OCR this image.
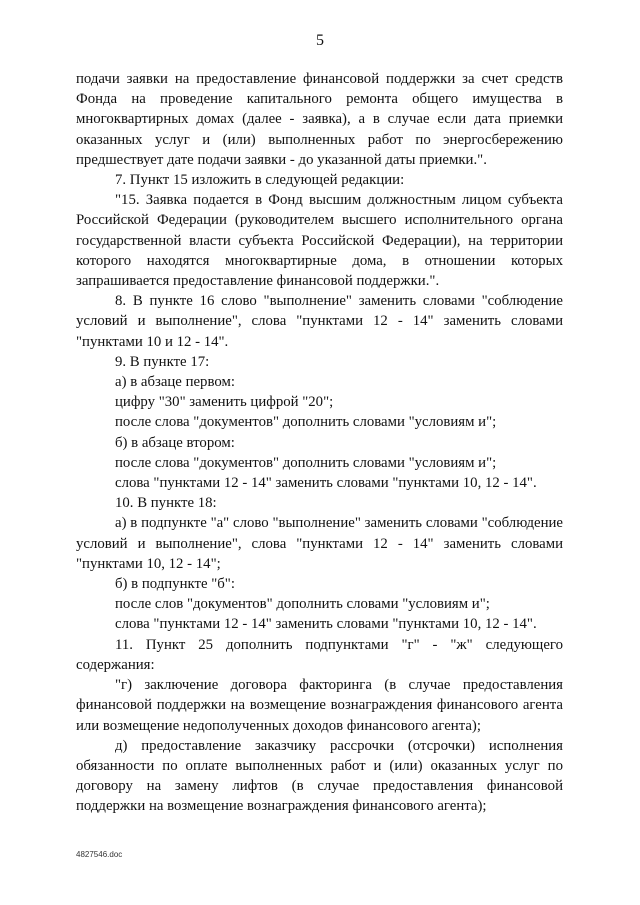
5

подачи заявки на предоставление финансовой поддержки за счет средств Фонда на проведение капитального ремонта общего имущества в многоквартирных домах (далее - заявка), а в случае если дата приемки оказанных услуг и (или) выполненных работ по энергосбережению предшествует дате подачи заявки - до указанной даты приемки.".

7. Пункт 15 изложить в следующей редакции:

"15. Заявка подается в Фонд высшим должностным лицом субъекта Российской Федерации (руководителем высшего исполнительного органа государственной власти субъекта Российской Федерации), на территории которого находятся многоквартирные дома, в отношении которых запрашивается предоставление финансовой поддержки.".

8. В пункте 16 слово "выполнение" заменить словами "соблюдение условий и выполнение", слова "пунктами 12 - 14" заменить словами "пунктами 10 и 12 - 14".

9. В пункте 17:

а) в абзаце первом:

цифру "30" заменить цифрой "20";

после слова "документов" дополнить словами "условиям и";

б) в абзаце втором:

после слова "документов" дополнить словами "условиям и";

слова "пунктами 12 - 14" заменить словами "пунктами 10, 12 - 14".

10. В пункте 18:

а) в подпункте "а" слово "выполнение" заменить словами "соблюдение условий и выполнение", слова "пунктами 12 - 14" заменить словами "пунктами 10, 12 - 14";

б) в подпункте "б":

после слов "документов" дополнить словами "условиям и";

слова "пунктами 12 - 14" заменить словами "пунктами 10, 12 - 14".

11. Пункт 25 дополнить подпунктами "г" - "ж" следующего содержания:

"г) заключение договора факторинга (в случае предоставления финансовой поддержки на возмещение вознаграждения финансового агента или возмещение недополученных доходов финансового агента);

д) предоставление заказчику рассрочки (отсрочки) исполнения обязанности по оплате выполненных работ и (или) оказанных услуг по договору на замену лифтов (в случае предоставления финансовой поддержки на возмещение вознаграждения финансового агента);

4827546.doc
